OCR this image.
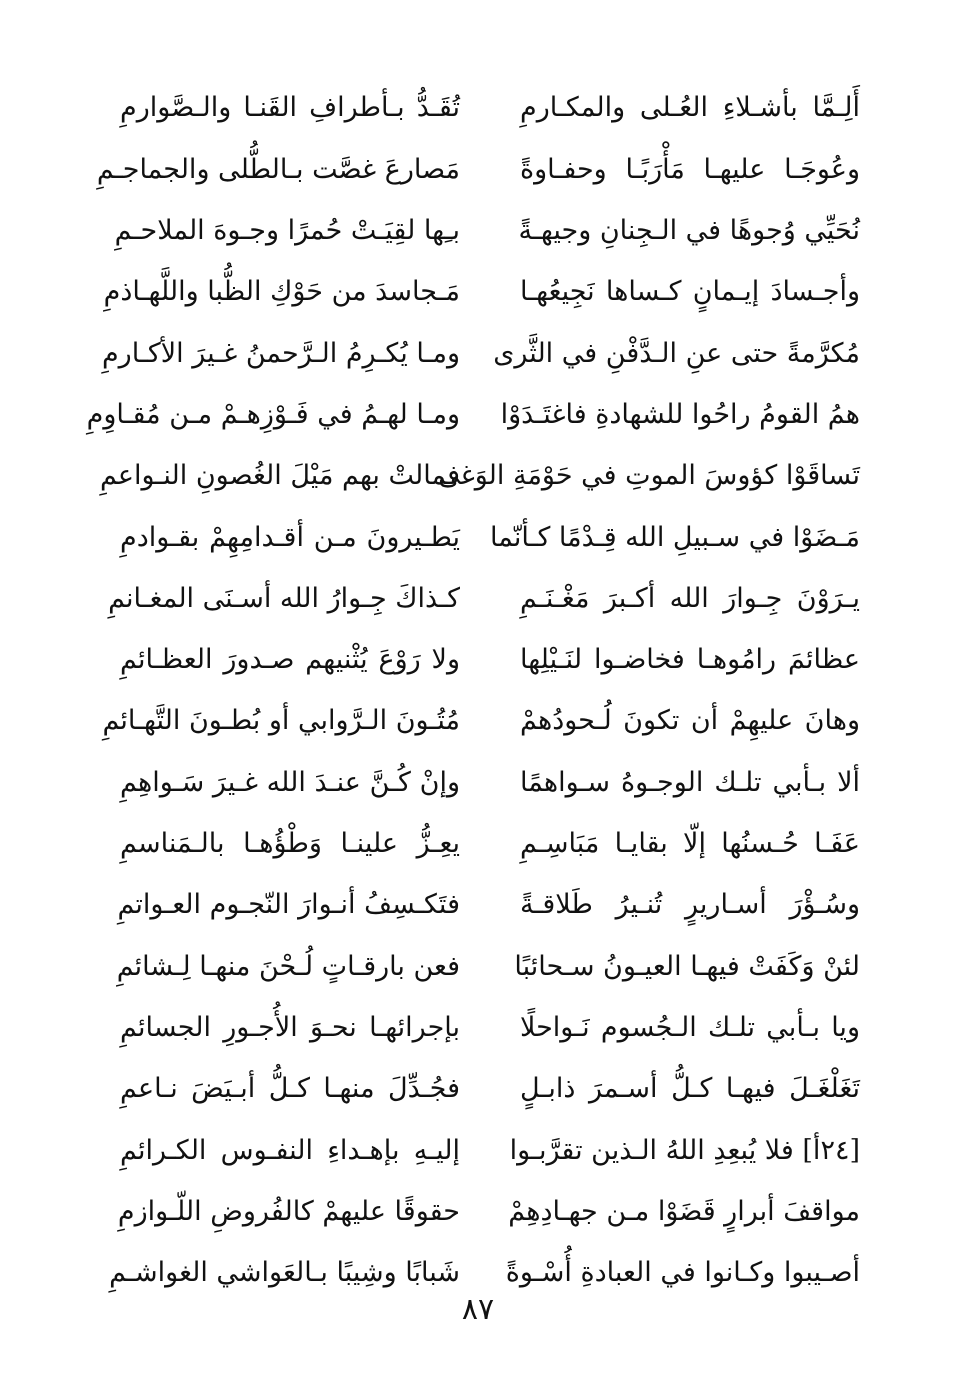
أَلِـمَّا بأشـلاءِ العُـلى والمكـارمِ
تُقَـدُّ بـأطرافِ القَنـا والـصَّوارمِ
وعُوجَـا عليهـا مَأْرَبًـا وحفـاوةً
مَصارعَ غصَّت بـالطُّلى والجماجـمِ
نُحَيِّي وُجوهًا في الـجِنانِ وجيهـةً
بـِها لقِيَـتْ حُمرًا وجـوهَ الملاحـمِ
وأجـسادَ إيـمانٍ كـساها نَجِيعُهـا
مَـجاسدَ من حَوْكِ الظُّبا واللَّهـاذمِ
مُكرَّمةً حتى عنِ الـدَّفْنِ في الثَّرى
ومـا يُكـرِمُ الـرَّحمنُ غـيرَ الأكـارمِ
همُ القومُ راحُوا للشهادةِ فاغتَـدَوْا
ومـا لهـمُ في فَـوْزِهـمْ مـن مُقـاوِمِ
تَساقَوْا كؤوسَ الموتِ في حَوْمَةِ الوَغى
فمالتْ بهم مَيْلَ الغُصونِ النـواعمِ
مَـضَوْا في سـبيلِ الله قِـدْمًا كـأنّما
يَطـيرونَ مـن أقـدامِهِمْ بقـوادمِ
يـرَوْنَ جِـوارَ الله أكـبرَ مَغْـنَـمِ
كـذاكَ جِـوارُ الله أسـنَى المغـانمِ
عظائمَ رامُوهـا فخاضـوا لنَـيْلِها
ولا رَوْعَ يُثْنيهم صـدورَ العظـائمِ
وهانَ عليهِمْ أن تكونَ لُـحودُهمْ
مُتُـونَ الـرَّوابي أو بُطـونَ التَّهـائمِ
ألا بـأبي تلـك الوجـوهُ سـواهمًا
وإنْ كُـنَّ عنـدَ الله غـيرَ سَـواهِمِ
عَفَـا حُـسنُها إلّا بقايـا مَبَاسِـمِ
يعِـزُّ علينـا وَطْؤُهـا بالـمَناسمِ
وسُـؤْرَ أسـاريرٍ تُنـيرُ طَلاقـةً
فتَكـسِفُ أنـوارَ النّجـوم العـواتمِ
لئنْ وَكَفَتْ فيهـا العيـونُ سـحائبًا
فعن بارقـاتٍ لُـحْنَ منهـا لِـشائمِ
ويا بـأبي تلـك الـجُسوم نَـواحلًا
بإجرائهـا نحـوَ الأُجـورِ الجسائمِ
تَغَلْغَـلَ فيهـا كـلُّ أسـمرَ ذابـلٍ
فجُـدِّلَ منهـا كـلُّ أبـيَضَ نـاعمِ
[٢٤أ] فلا يُبعِدِ اللهُ الـذين تقرَّبـوا
إليـهِ بإهـداءِ النفـوس الكـرائمِ
مواقفَ أبرارٍ قَضَوْا مـن جهـادِهِمْ
حقوقًا عليهمْ كالفُروضِ اللّـوازمِ
أصـيبوا وكـانوا في العبادةِ أُسْـوةً
شَبابًا وشِيبًا بـالعَواشي الغواشـمِ
٨٧
